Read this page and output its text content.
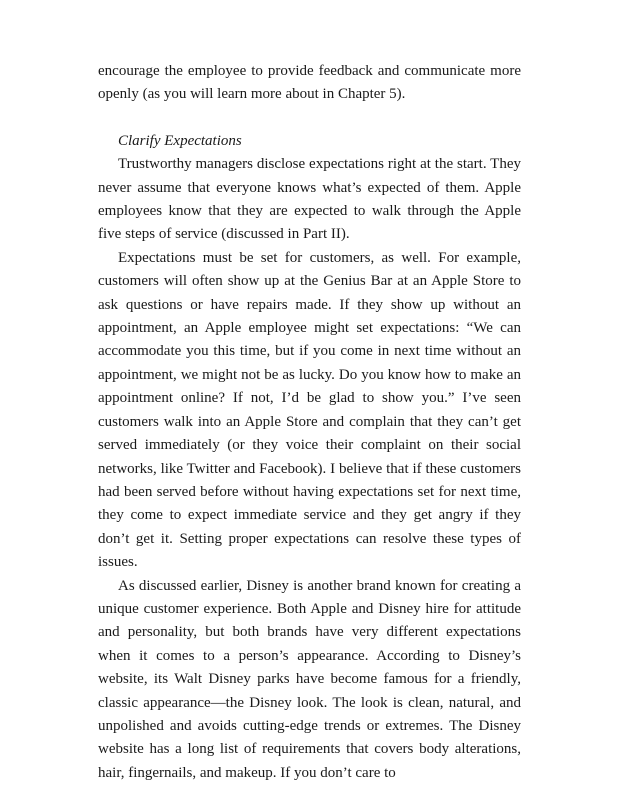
encourage the employee to provide feedback and communicate more openly (as you will learn more about in Chapter 5).

Clarify Expectations

Trustworthy managers disclose expectations right at the start. They never assume that everyone knows what’s expected of them. Apple employees know that they are expected to walk through the Apple five steps of service (discussed in Part II).

Expectations must be set for customers, as well. For example, customers will often show up at the Genius Bar at an Apple Store to ask questions or have repairs made. If they show up without an appointment, an Apple employee might set expectations: “We can accommodate you this time, but if you come in next time without an appointment, we might not be as lucky. Do you know how to make an appointment online? If not, I’d be glad to show you.” I’ve seen customers walk into an Apple Store and complain that they can’t get served immediately (or they voice their complaint on their social networks, like Twitter and Facebook). I believe that if these customers had been served before without having expectations set for next time, they come to expect immediate service and they get angry if they don’t get it. Setting proper expectations can resolve these types of issues.

As discussed earlier, Disney is another brand known for creating a unique customer experience. Both Apple and Disney hire for attitude and personality, but both brands have very different expectations when it comes to a person’s appearance. According to Disney’s website, its Walt Disney parks have become famous for a friendly, classic appearance—the Disney look. The look is clean, natural, and unpolished and avoids cutting-edge trends or extremes. The Disney website has a long list of requirements that covers body alterations, hair, fingernails, and makeup. If you don’t care to
